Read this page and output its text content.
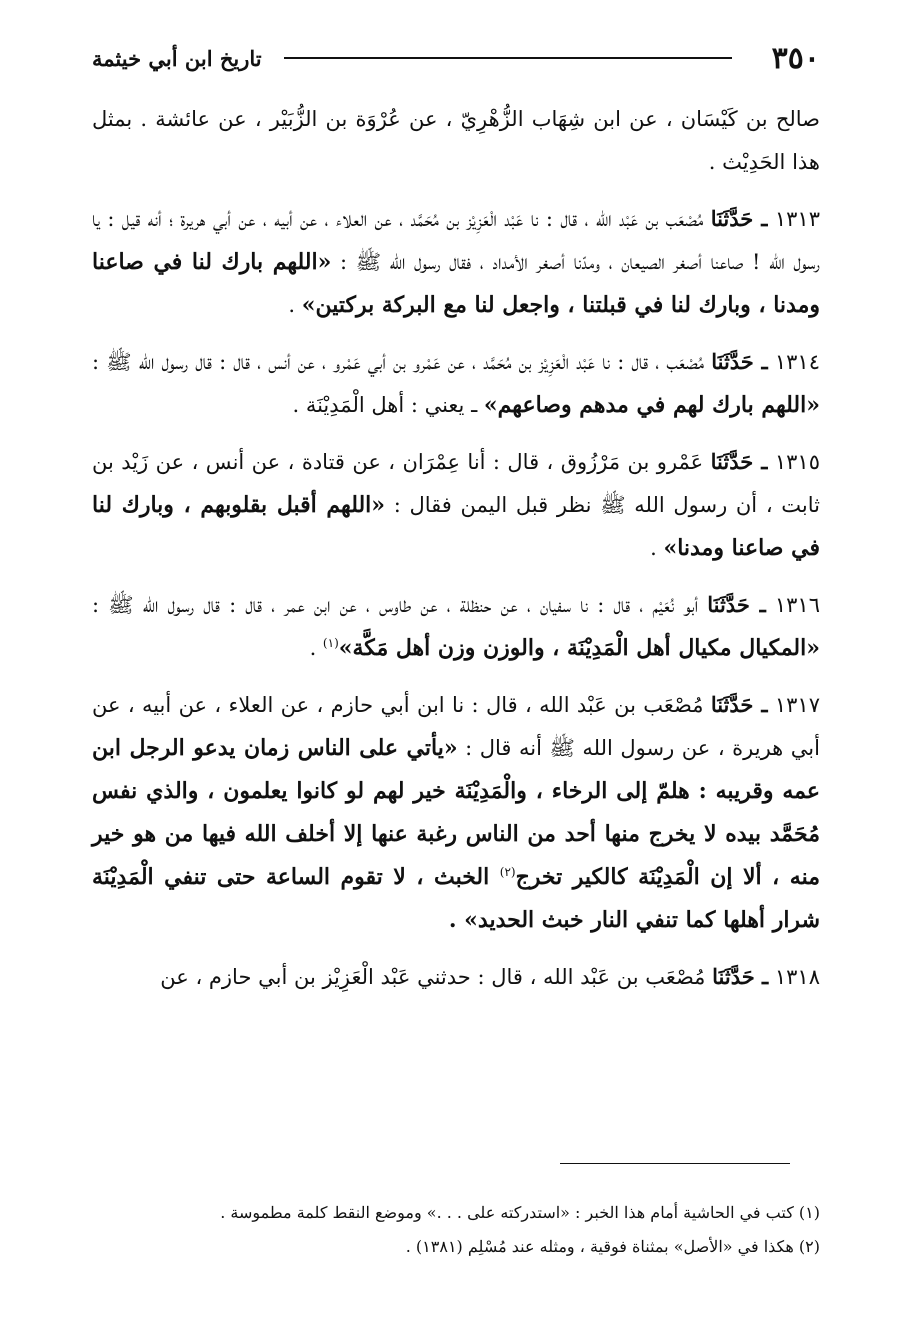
٣٥٠
تاريخ ابن أبي خيثمة

صالح بن كَيْسَان ، عن ابن شِهَاب الزُّهْرِيّ ، عن عُرْوَة بن الزُّبَيْر ، عن عائشة . بمثل هذا الحَدِيْث .

١٣١٣ ـ حَدَّثَنَا مُصْعَب بن عَبْد الله ، قال : نا عَبْد الْعَزِيْز بن مُحَمَّد ، عن العلاء ، عن أبيه ، عن أبي هريرة ؛ أنه قيل : يا رسول الله ! صاعنا أصغر الصيعان ، ومدّنا أصغر الأمداد ، فقال رسول الله ﷺ : «اللهم بارك لنا في صاعنا ومدنا ، وبارك لنا في قبلتنا ، واجعل لنا مع البركة بركتين» .

١٣١٤ ـ حَدَّثَنَا مُصْعَب ، قال : نا عَبْد الْعَزِيْز بن مُحَمَّد ، عن عَمْرو بن أبي عَمْرو ، عن أنس ، قال : قال رسول الله ﷺ : «اللهم بارك لهم في مدهم وصاعهم» ـ يعني : أهل الْمَدِيْنَة .

١٣١٥ ـ حَدَّثَنَا عَمْرو بن مَرْزُوق ، قال : أنا عِمْرَان ، عن قتادة ، عن أنس ، عن زَيْد بن ثابت ، أن رسول الله ﷺ نظر قبل اليمن فقال : «اللهم أقبل بقلوبهم ، وبارك لنا في صاعنا ومدنا» .

١٣١٦ ـ حَدَّثَنَا أبو نُعَيْم ، قال : نا سفيان ، عن حنظلة ، عن طاوس ، عن ابن عمر ، قال : قال رسول الله ﷺ : «المكيال مكيال أهل الْمَدِيْنَة ، والوزن وزن أهل مَكَّة»$^{(١)}$ .

١٣١٧ ـ حَدَّثَنَا مُصْعَب بن عَبْد الله ، قال : نا ابن أبي حازم ، عن العلاء ، عن أبيه ، عن أبي هريرة ، عن رسول الله ﷺ أنه قال : «يأتي على الناس زمان يدعو الرجل ابن عمه وقريبه : هلمّ إلى الرخاء ، والْمَدِيْنَة خير لهم لو كانوا يعلمون ، والذي نفس مُحَمَّد بيده لا يخرج منها أحد من الناس رغبة عنها إلا أخلف الله فيها من هو خير منه ، ألا إن الْمَدِيْنَة كالكير تخرج$^{(٢)}$ الخبث ، لا تقوم الساعة حتى تنفي الْمَدِيْنَة شرار أهلها كما تنفي النار خبث الحديد» .

١٣١٨ ـ حَدَّثَنَا مُصْعَب بن عَبْد الله ، قال : حدثني عَبْد الْعَزِيْز بن أبي حازم ، عن

(١) كتب في الحاشية أمام هذا الخبر : «استدركته على . . .» وموضع النقط كلمة مطموسة .

(٢) هكذا في «الأصل» بمثناة فوقية ، ومثله عند مُسْلِم (١٣٨١) .
